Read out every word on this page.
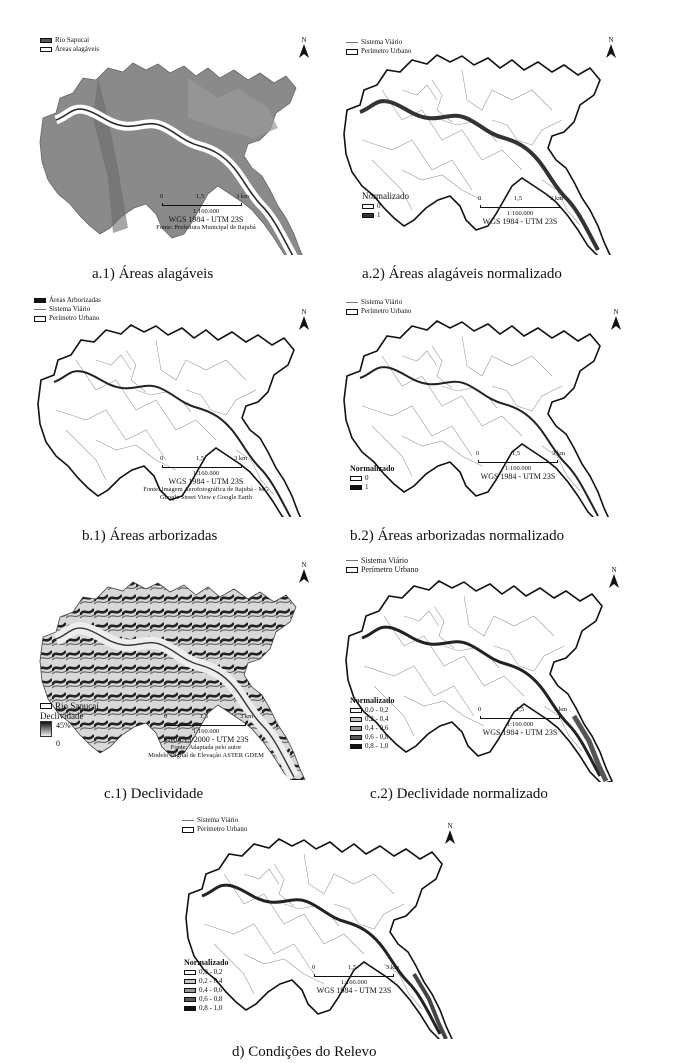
Rio Sapucaí
Áreas alagáveis
N
0	1,5	3 km
1:160.000
WGS 1984 - UTM 23S
Fonte: Prefeitura Municipal de Itajubá
a.1) Áreas alagáveis
Sistema Viário
Perímetro Urbano
Normalizado
0
1
N
0	1,5	3 km
1:160.000
WGS 1984 - UTM 23S
a.2) Áreas alagáveis normalizado
Áreas Arborizadas
Sistema Viário
Perímetro Urbano
N
0	1,5	3 km
1:160.000
WGS 1984 - UTM 23S
Fonte: Imagem Aerofotográfica de Itajubá - MG
Google Street View e Google Earth
b.1) Áreas arborizadas
Sistema Viário
Perímetro Urbano
Normalizado
0
1
N
0	1,5	3 km
1:160.000
WGS 1984 - UTM 23S
b.2) Áreas arborizadas normalizado
N
Rio Sapucaí
Declividade
45%
0
0	1,5	3 km
1:160.000
SIRGAS 2000 - UTM 23S
Fonte: Adaptada pelo autor
Modelo Digital de Elevação ASTER GDEM
c.1) Declividade
Sistema Viário
Perímetro Urbano
Normalizado
0,0 - 0,2
0,2 - 0,4
0,4 - 0,6
0,6 - 0,8
0,8 - 1,0
N
0	1,5	3 km
1:160.000
WGS 1984 - UTM 23S
c.2) Declividade normalizado
Sistema Viário
Perímetro Urbano
Normalizado
0,0 - 0,2
0,2 - 0,4
0,4 - 0,6
0,6 - 0,8
0,8 - 1,0
N
0	1,5	3 km
1:160.000
WGS 1984 - UTM 23S
d) Condições do Relevo
